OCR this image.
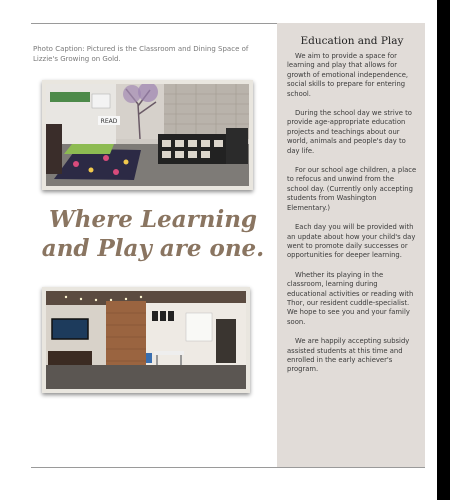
Photo Caption: Pictured is the Classroom and Dining Space of Lizzie's Growing on Gold.
READ
Where Learning and Play are one.
Education and Play

We aim to provide a space for learning and play that allows for growth of emotional independence, social skills to prepare for entering school.

During the school day we strive to provide age-appropriate education projects and teachings about our world, animals and people's day to day life.

For our school age children, a place to refocus and unwind from the school day. (Currently only accepting students from Washington Elementary.)

Each day you will be provided with an update about how your child's day went to promote daily successes or opportunities for deeper learning.

Whether its playing in the classroom, learning during educational activities or reading with Thor, our resident cuddle-specialist. We hope to see you and your family soon.

We are happily accepting subsidy assisted students at this time and enrolled in the early achiever's program.
